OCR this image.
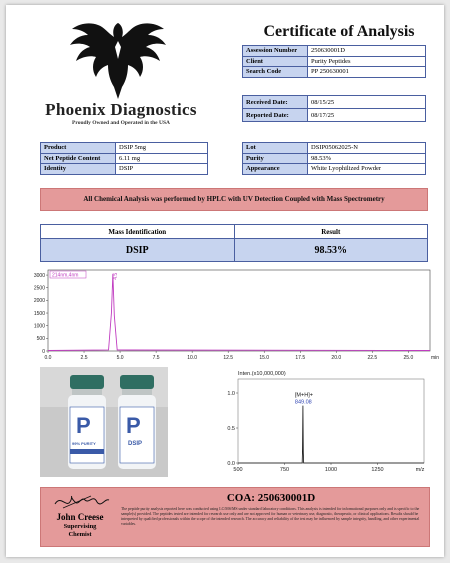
Phoenix Diagnostics
Proudly Owned and Operated in the USA
Certificate of Analysis
Assession Number	250630001D
Client	Purity Peptides
Search Code	PP 250630001
Received Date:	08/15/25
Reported Date:	08/17/25
Product	DSIP 5mg
Net Peptide Content	6.11 mg
Identity	DSIP
Lot	DSIP05062025-N
Purity	98.53%
Appearance	White Lyophilized Powder
All Chemical Analysis was performed by HPLC with UV Detection Coupled with Mass Spectrometry
Mass Identification	Result
DSIP	98.53%
0
500
1000
1500
2000
2500
3000
0.0	2.5	5.0	7.5	10.0	12.5	15.0	17.5	20.0	22.5	25.0	min
214nm,4nm	4.5
P
99% PURITY
P
DSIP
Inten.(x10,000,000)
0.0
0.5
1.0
500	750	1000	1250	m/z
[M+H]+
849.08
John Creese
Supervising Chemist
COA: 250630001D
The peptide purity analysis reported here was conducted using LC/MS/MS under standard laboratory conditions. This analysis is intended for informational purposes only and is specific to the sample(s) provided. The peptides tested are intended for research use only and are not approved for human or veterinary use, diagnostic, therapeutic, or clinical applications. Results should be interpreted by qualified professionals within the scope of the intended research. The accuracy and reliability of the test may be influenced by sample integrity, handling, and other experimental variables.
